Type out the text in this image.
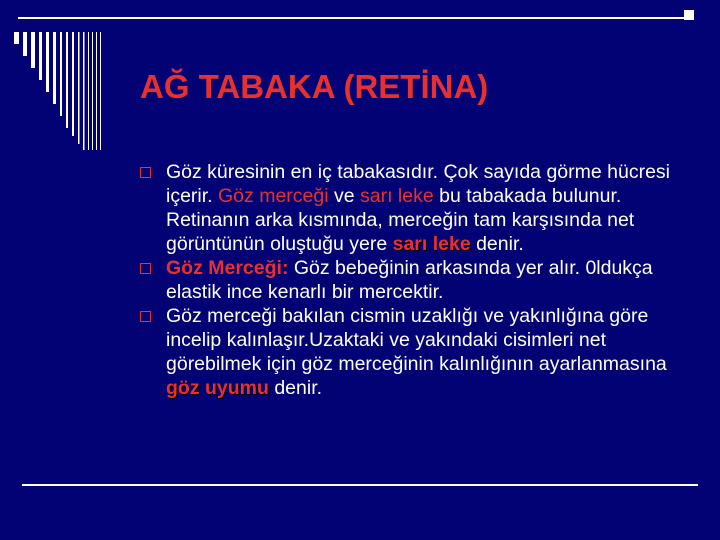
AĞ TABAKA (RETİNA)
Göz küresinin en iç tabakasıdır. Çok sayıda görme hücresi içerir. Göz merceği ve sarı leke bu tabakada bulunur. Retinanın arka kısmında, merceğin tam karşısında net görüntünün oluştuğu yere sarı leke denir.
Göz Merceği: Göz bebeğinin arkasında yer alır. 0ldukça elastik ince kenarlı bir mercektir.
Göz merceği bakılan cismin uzaklığı ve yakınlığına göre incelip kalınlaşır.Uzaktaki ve yakındaki cisimleri net görebilmek için göz merceğinin kalınlığının ayarlanmasına göz uyumu denir.
